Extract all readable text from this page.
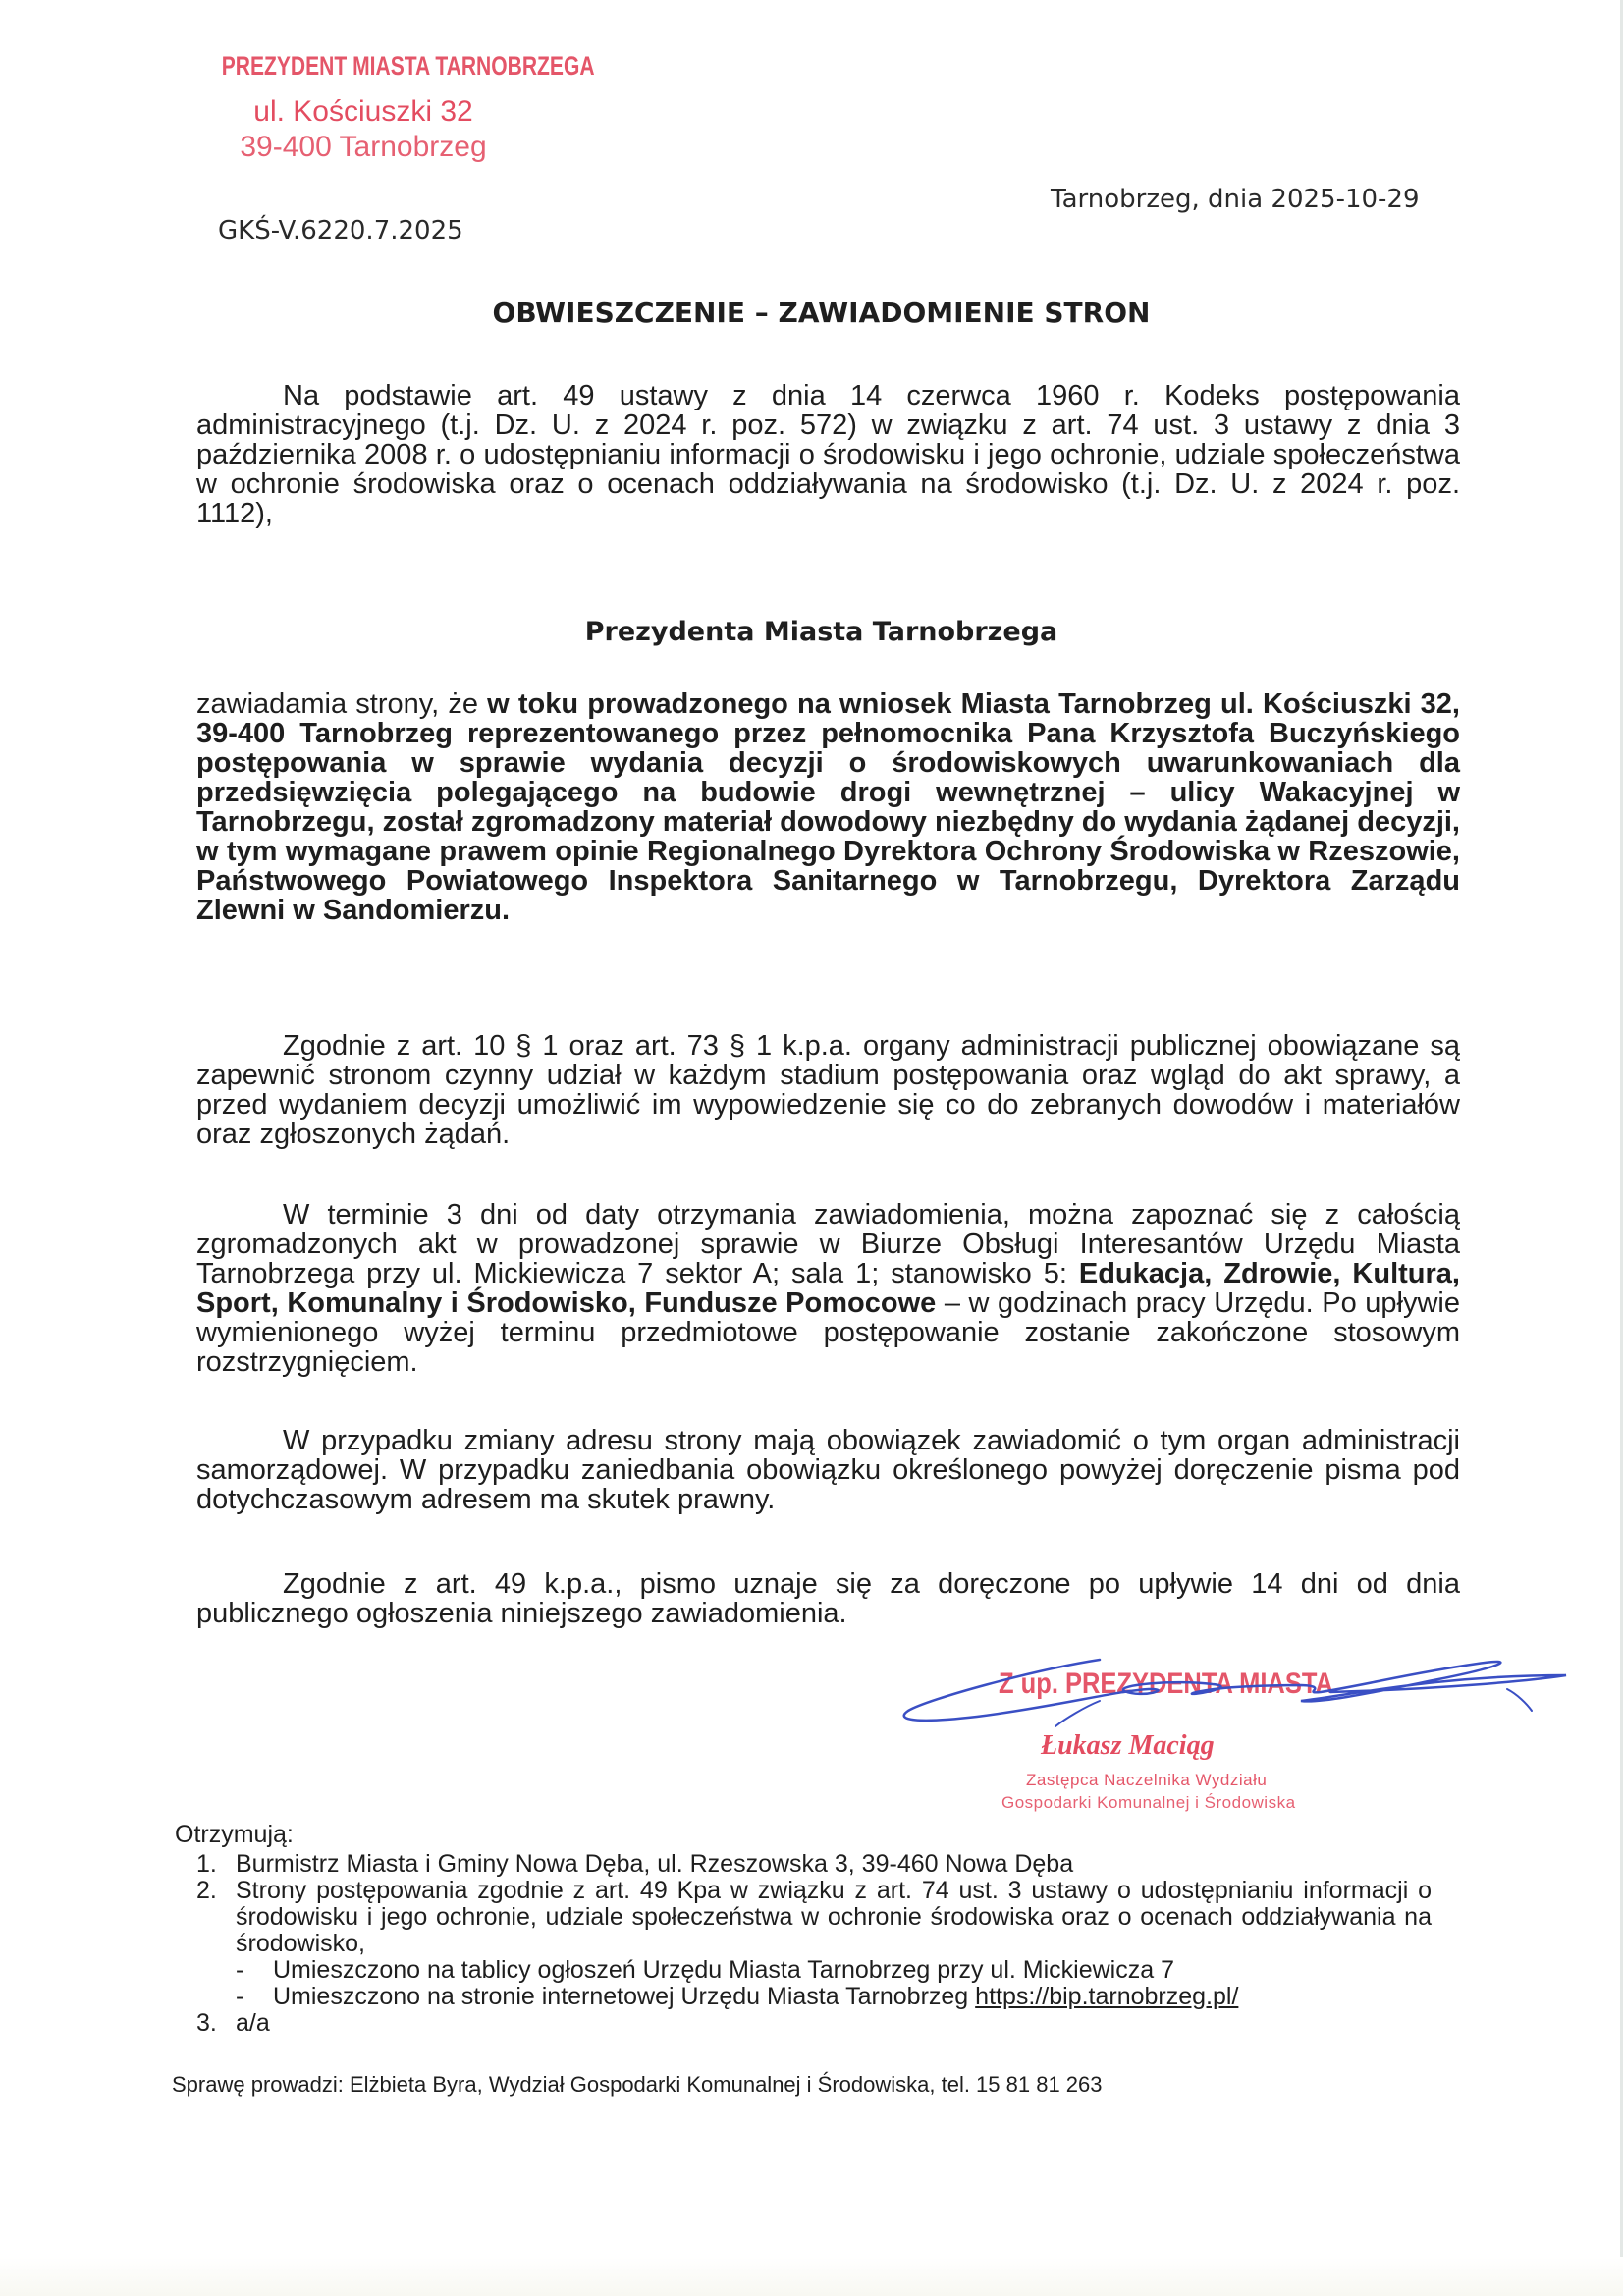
PREZYDENT MIASTA TARNOBRZEGA
ul. Kościuszki 32
39-400 Tarnobrzeg
Tarnobrzeg, dnia 2025-10-29
GKŚ-V.6220.7.2025
OBWIESZCZENIE – ZAWIADOMIENIE STRON
Na podstawie art. 49 ustawy z dnia 14 czerwca 1960 r. Kodeks postępowania administracyjnego (t.j. Dz. U. z 2024 r. poz. 572) w związku z art. 74 ust. 3 ustawy z dnia 3 października 2008 r. o udostępnianiu informacji o środowisku i jego ochronie, udziale społeczeństwa w ochronie środowiska oraz o ocenach oddziaływania na środowisko (t.j. Dz. U. z 2024 r. poz. 1112),
Prezydenta Miasta Tarnobrzega
zawiadamia strony, że w toku prowadzonego na wniosek Miasta Tarnobrzeg ul. Kościuszki 32, 39-400 Tarnobrzeg reprezentowanego przez pełnomocnika Pana Krzysztofa Buczyńskiego postępowania w sprawie wydania decyzji o środowiskowych uwarunkowaniach dla przedsięwzięcia polegającego na budowie drogi wewnętrznej – ulicy Wakacyjnej w Tarnobrzegu, został zgromadzony materiał dowodowy niezbędny do wydania żądanej decyzji, w tym wymagane prawem opinie Regionalnego Dyrektora Ochrony Środowiska w Rzeszowie, Państwowego Powiatowego Inspektora Sanitarnego w Tarnobrzegu, Dyrektora Zarządu Zlewni w Sandomierzu.
Zgodnie z art. 10 § 1 oraz art. 73 § 1 k.p.a. organy administracji publicznej obowiązane są zapewnić stronom czynny udział w każdym stadium postępowania oraz wgląd do akt sprawy, a przed wydaniem decyzji umożliwić im wypowiedzenie się co do zebranych dowodów i materiałów oraz zgłoszonych żądań.
W terminie 3 dni od daty otrzymania zawiadomienia, można zapoznać się z całością zgromadzonych akt w prowadzonej sprawie w Biurze Obsługi Interesantów Urzędu Miasta Tarnobrzega przy ul. Mickiewicza 7 sektor A; sala 1; stanowisko 5: Edukacja, Zdrowie, Kultura, Sport, Komunalny i Środowisko, Fundusze Pomocowe – w godzinach pracy Urzędu. Po upływie wymienionego wyżej terminu przedmiotowe postępowanie zostanie zakończone stosowym rozstrzygnięciem.
W przypadku zmiany adresu strony mają obowiązek zawiadomić o tym organ administracji samorządowej. W przypadku zaniedbania obowiązku określonego powyżej doręczenie pisma pod dotychczasowym adresem ma skutek prawny.
Zgodnie z art. 49 k.p.a., pismo uznaje się za doręczone po upływie 14 dni od dnia publicznego ogłoszenia niniejszego zawiadomienia.
Z up. PREZYDENTA MIASTA
Łukasz Maciąg
Zastępca Naczelnika Wydziału
Gospodarki Komunalnej i Środowiska
Otrzymują:
1. Burmistrz Miasta i Gminy Nowa Dęba, ul. Rzeszowska 3, 39-460 Nowa Dęba
2. Strony postępowania zgodnie z art. 49 Kpa w związku z art. 74 ust. 3 ustawy o udostępnianiu informacji o środowisku i jego ochronie, udziale społeczeństwa w ochronie środowiska oraz o ocenach oddziaływania na środowisko,
- Umieszczono na tablicy ogłoszeń Urzędu Miasta Tarnobrzeg przy ul. Mickiewicza 7
- Umieszczono na stronie internetowej Urzędu Miasta Tarnobrzeg https://bip.tarnobrzeg.pl/
3. a/a
Sprawę prowadzi: Elżbieta Byra, Wydział Gospodarki Komunalnej i Środowiska, tel. 15 81 81 263
